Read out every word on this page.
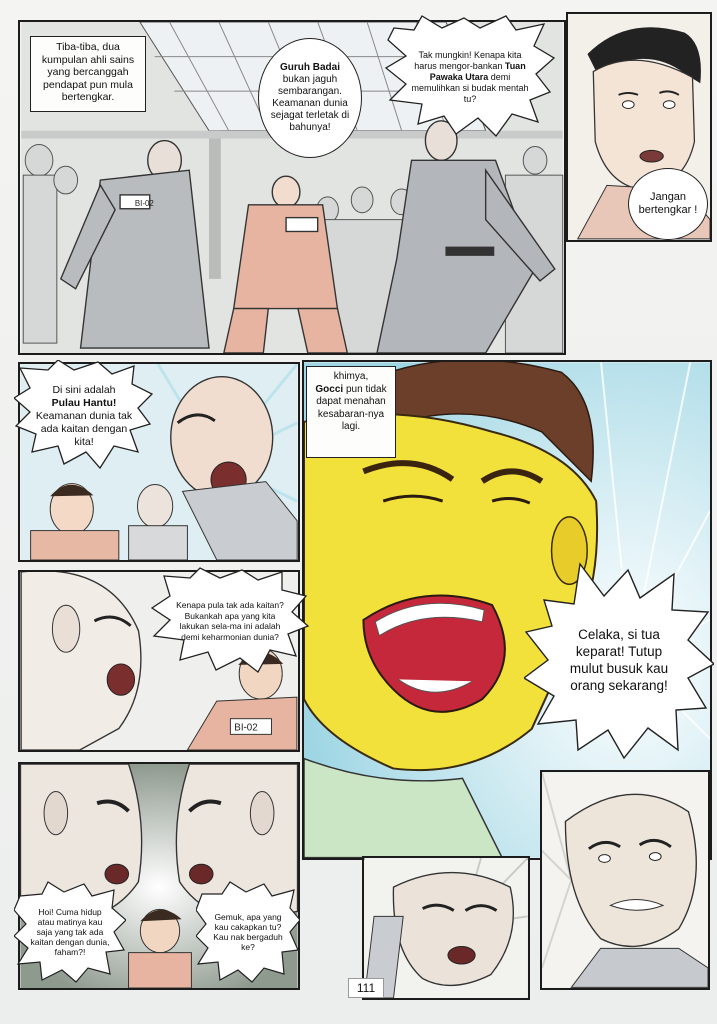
BI-02
Tiba-tiba, dua kumpulan ahli sains yang bercanggah pendapat pun mula bertengkar.
Guruh Badai
bukan jaguh sembarangan. Keamanan dunia sejagat terletak di bahunya!
Tak mungkin! Kenapa kita harus mengor-bankan Tuan Pawaka Utara demi memulihkan si budak mentah tu?
Jangan bertengkar !
Di sini adalah
Pulau Hantu!
Keamanan dunia tak ada kaitan dengan kita!
khimya,
Gocci pun tidak dapat menahan kesabaran-nya lagi.
Celaka, si tua keparat! Tutup mulut busuk kau orang sekarang!
BI-02
Kenapa pula tak ada kaitan? Bukankah apa yang kita lakukan sela-ma ini adalah demi keharmonian dunia?
Hoi! Cuma hidup atau matinya kau saja yang tak ada kaitan dengan dunia, faham?!
Gemuk, apa yang kau cakapkan tu? Kau nak bergaduh ke?
111
